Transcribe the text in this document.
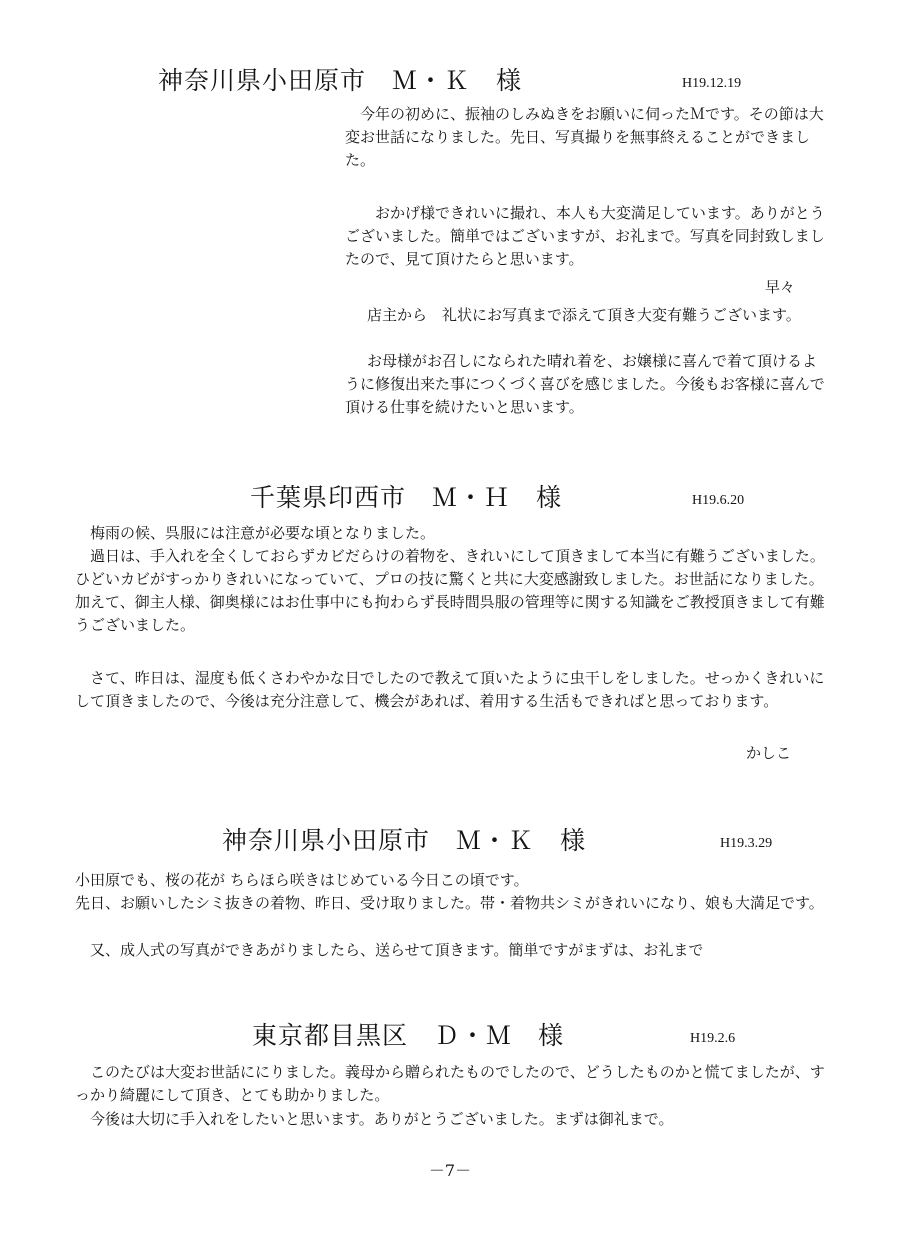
神奈川県小田原市　Ｍ・Ｋ　様	H19.12.19

今年の初めに、振袖のしみぬきをお願いに伺ったＭです。その節は大変お世話になりました。先日、写真撮りを無事終えることができました。

おかげ様できれいに撮れ、本人も大変満足しています。ありがとうございました。簡単ではございますが、お礼まで。写真を同封致しましたので、見て頂けたらと思います。

早々

店主から　礼状にお写真まで添えて頂き大変有難うございます。

お母様がお召しになられた晴れ着を、お嬢様に喜んで着て頂けるように修復出来た事につくづく喜びを感じました。今後もお客様に喜んで頂ける仕事を続けたいと思います。

千葉県印西市　Ｍ・Ｈ　様	H19.6.20

梅雨の候、呉服には注意が必要な頃となりました。

過日は、手入れを全くしておらずカビだらけの着物を、きれいにして頂きまして本当に有難うございました。ひどいカビがすっかりきれいになっていて、プロの技に驚くと共に大変感謝致しました。お世話になりました。加えて、御主人様、御奥様にはお仕事中にも拘わらず長時間呉服の管理等に関する知識をご教授頂きまして有難うございました。

さて、昨日は、湿度も低くさわやかな日でしたので教えて頂いたように虫干しをしました。せっかくきれいにして頂きましたので、今後は充分注意して、機会があれば、着用する生活もできればと思っております。

かしこ

神奈川県小田原市　Ｍ・Ｋ　様	H19.3.29

小田原でも、桜の花が ちらほら咲きはじめている今日この頃です。

先日、お願いしたシミ抜きの着物、昨日、受け取りました。帯・着物共シミがきれいになり、娘も大満足です。

又、成人式の写真ができあがりましたら、送らせて頂きます。簡単ですがまずは、お礼まで

東京都目黒区　Ｄ・Ｍ　様	H19.2.6

このたびは大変お世話ににりました。義母から贈られたものでしたので、どうしたものかと慌てましたが、すっかり綺麗にして頂き、とても助かりました。

今後は大切に手入れをしたいと思います。ありがとうございました。まずは御礼まで。

－7－
